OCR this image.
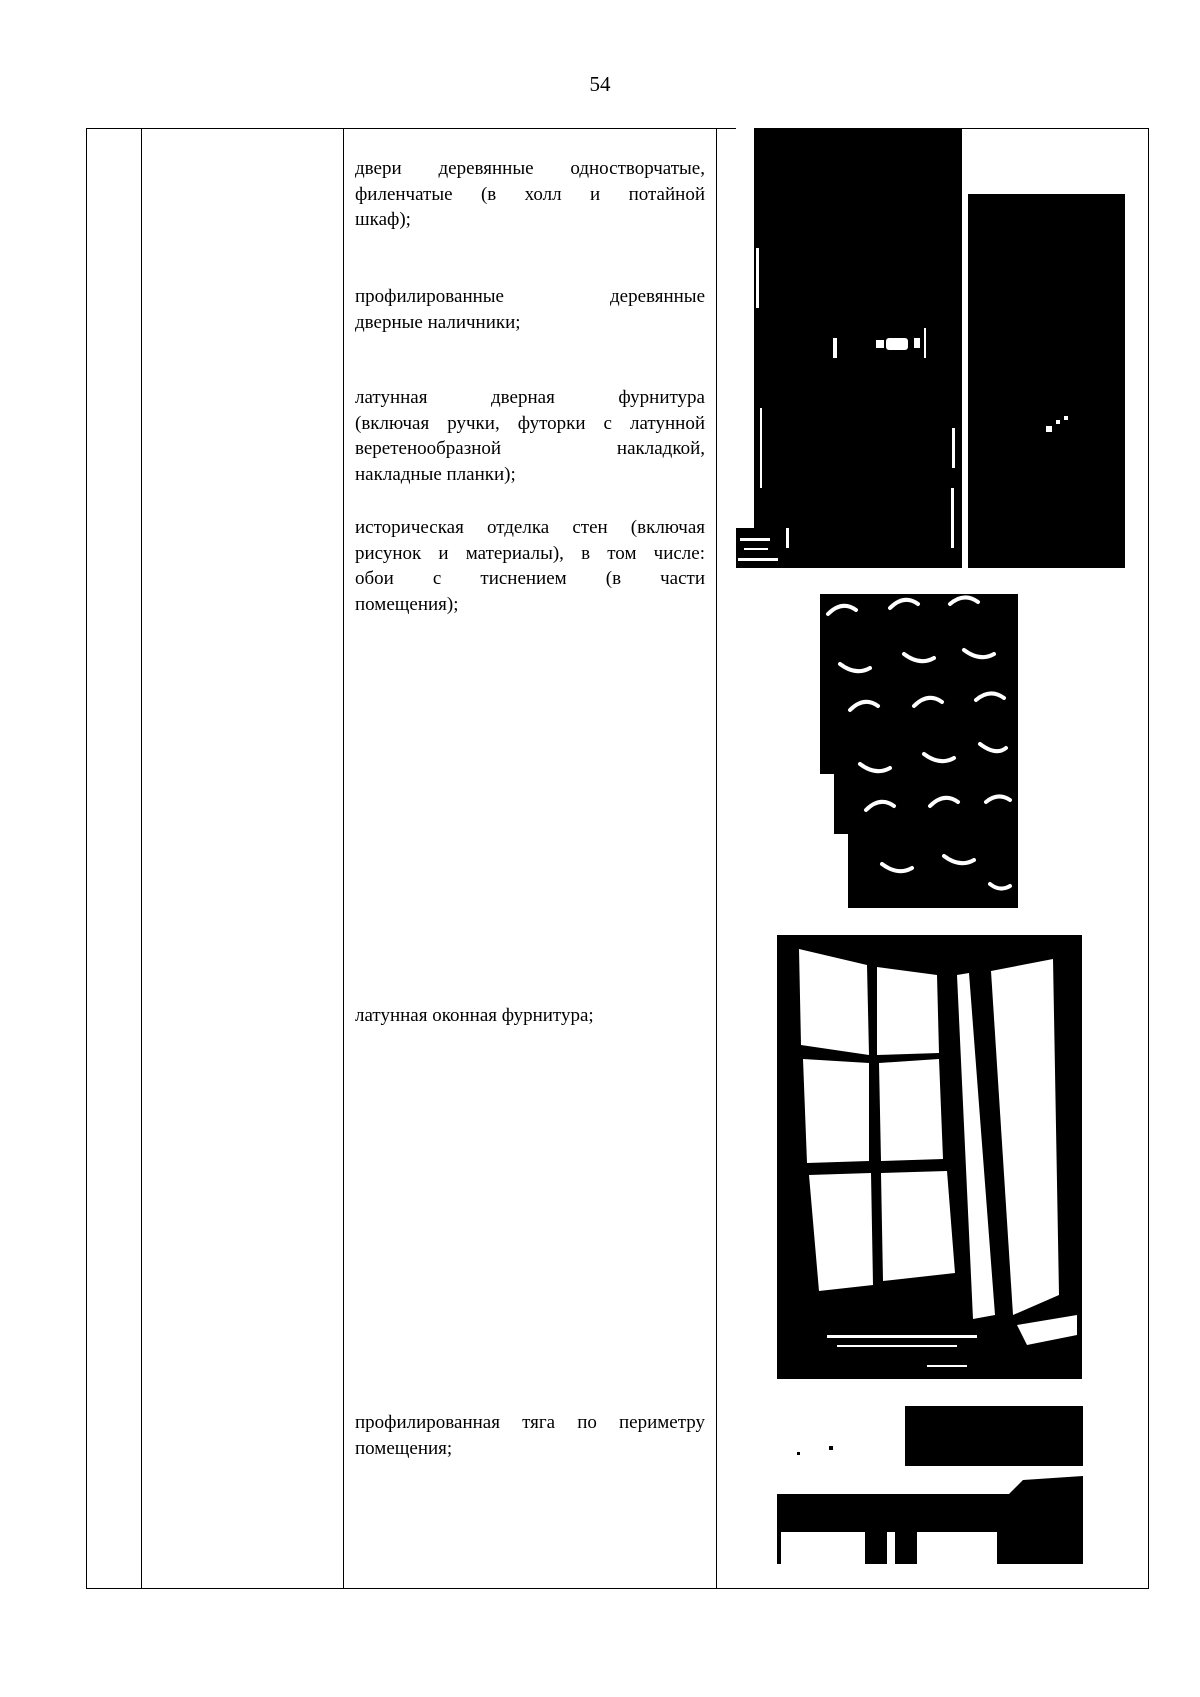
54
двери деревянные одностворчатые,
филенчатые (в холл и потайной
шкаф);
профилированные деревянные
дверные наличники;
латунная дверная фурнитура
(включая ручки, футорки с латунной
веретенообразной накладкой,
накладные планки);
историческая отделка стен (включая
рисунок и материалы), в том числе:
обои с тиснением (в части
помещения);
латунная оконная фурнитура;
профилированная тяга по периметру
помещения;
